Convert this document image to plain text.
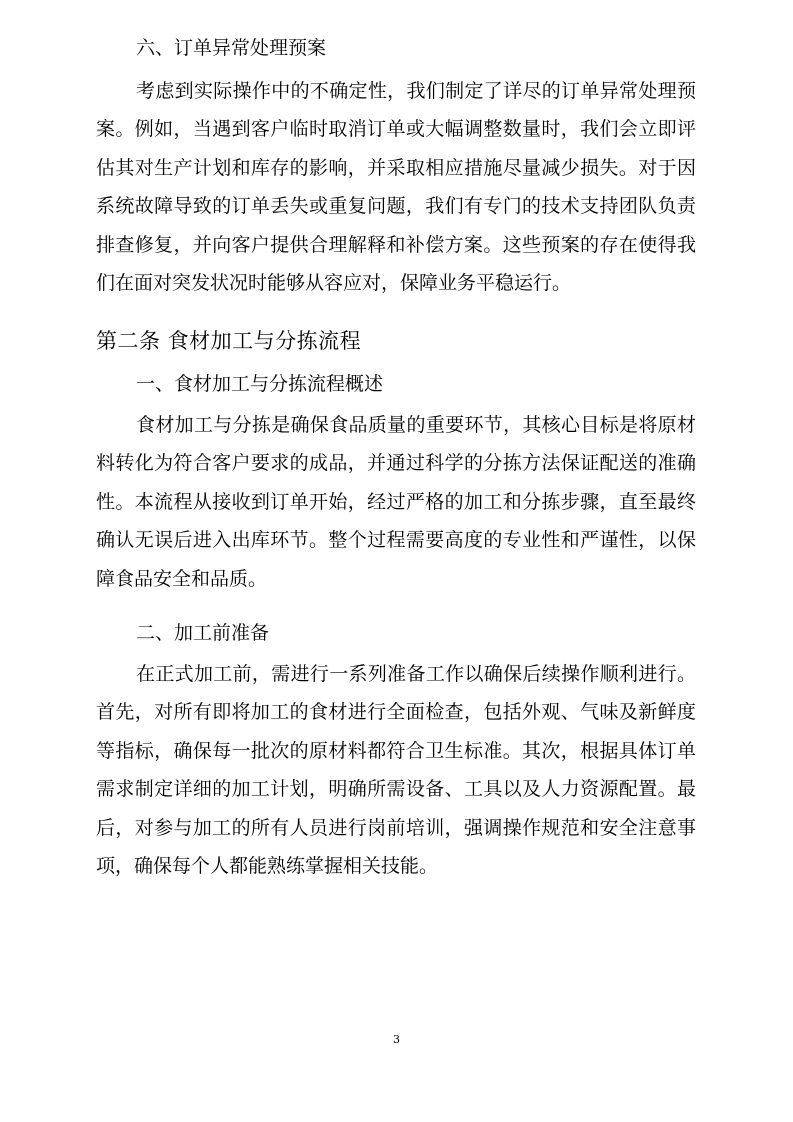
六、订单异常处理预案

考虑到实际操作中的不确定性，我们制定了详尽的订单异常处理预案。例如，当遇到客户临时取消订单或大幅调整数量时，我们会立即评估其对生产计划和库存的影响，并采取相应措施尽量减少损失。对于因系统故障导致的订单丢失或重复问题，我们有专门的技术支持团队负责排查修复，并向客户提供合理解释和补偿方案。这些预案的存在使得我们在面对突发状况时能够从容应对，保障业务平稳运行。

第二条 食材加工与分拣流程

一、食材加工与分拣流程概述

食材加工与分拣是确保食品质量的重要环节，其核心目标是将原材料转化为符合客户要求的成品，并通过科学的分拣方法保证配送的准确性。本流程从接收到订单开始，经过严格的加工和分拣步骤，直至最终确认无误后进入出库环节。整个过程需要高度的专业性和严谨性，以保障食品安全和品质。

二、加工前准备

在正式加工前，需进行一系列准备工作以确保后续操作顺利进行。首先，对所有即将加工的食材进行全面检查，包括外观、气味及新鲜度等指标，确保每一批次的原材料都符合卫生标准。其次，根据具体订单需求制定详细的加工计划，明确所需设备、工具以及人力资源配置。最后，对参与加工的所有人员进行岗前培训，强调操作规范和安全注意事项，确保每个人都能熟练掌握相关技能。

3
